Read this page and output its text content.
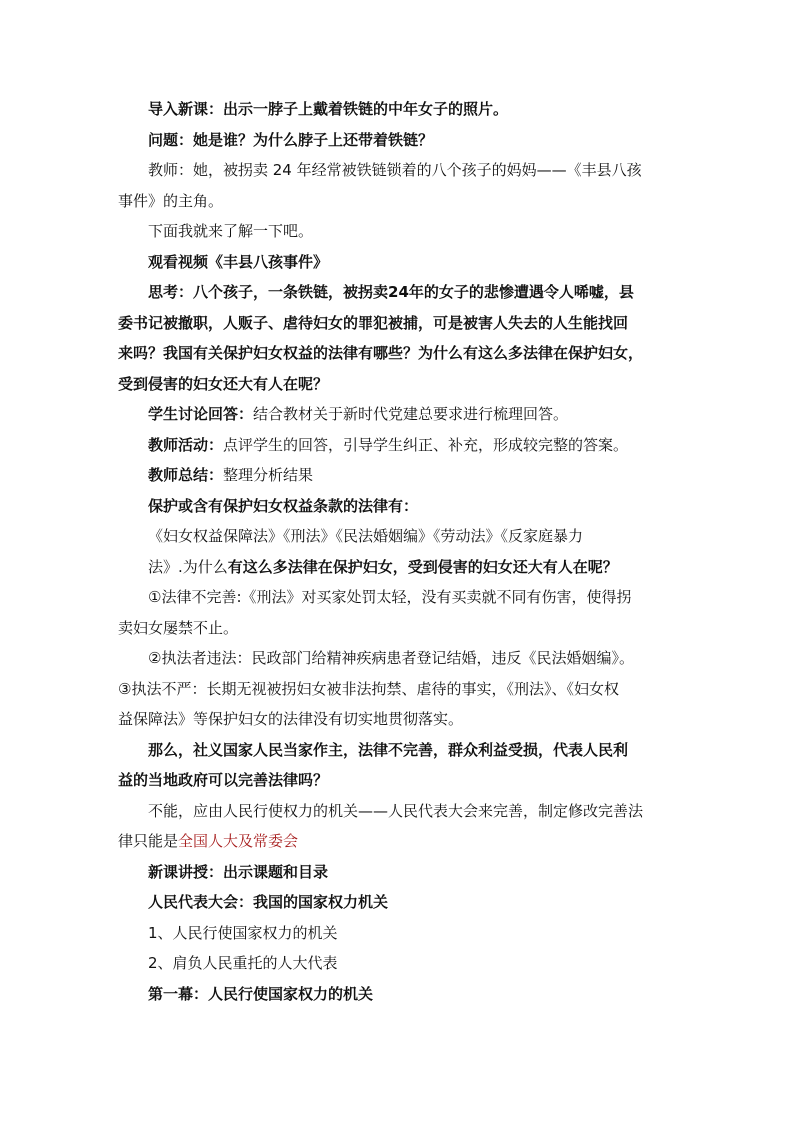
导入新课：出示一脖子上戴着铁链的中年女子的照片。

问题：她是谁？为什么脖子上还带着铁链？

教师：她，被拐卖 24 年经常被铁链锁着的八个孩子的妈妈——《丰县八孩

事件》的主角。

下面我就来了解一下吧。

观看视频《丰县八孩事件》

思考：八个孩子，一条铁链，被拐卖24年的女子的悲惨遭遇令人唏嘘，县

委书记被撤职，人贩子、虐待妇女的罪犯被捕，可是被害人失去的人生能找回

来吗？我国有关保护妇女权益的法律有哪些？为什么有这么多法律在保护妇女，

受到侵害的妇女还大有人在呢？

学生讨论回答：结合教材关于新时代党建总要求进行梳理回答。

教师活动：点评学生的回答，引导学生纠正、补充，形成较完整的答案。

教师总结：整理分析结果

保护或含有保护妇女权益条款的法律有：

《妇女权益保障法》《刑法》《民法婚姻编》《劳动法》《反家庭暴力

法》.为什么有这么多法律在保护妇女，受到侵害的妇女还大有人在呢？

①法律不完善:《刑法》对买家处罚太轻，没有买卖就不同有伤害，使得拐

卖妇女屡禁不止。

②执法者违法：民政部门给精神疾病患者登记结婚，违反《民法婚姻编》。

③执法不严：长期无视被拐妇女被非法拘禁、虐待的事实，《刑法》、《妇女权

益保障法》等保护妇女的法律没有切实地贯彻落实。

那么，社义国家人民当家作主，法律不完善，群众利益受损，代表人民利

益的当地政府可以完善法律吗？

不能，应由人民行使权力的机关——人民代表大会来完善，制定修改完善法

律只能是全国人大及常委会

新课讲授：出示课题和目录

人民代表大会：我国的国家权力机关

1、人民行使国家权力的机关

2、肩负人民重托的人大代表

第一幕：人民行使国家权力的机关
